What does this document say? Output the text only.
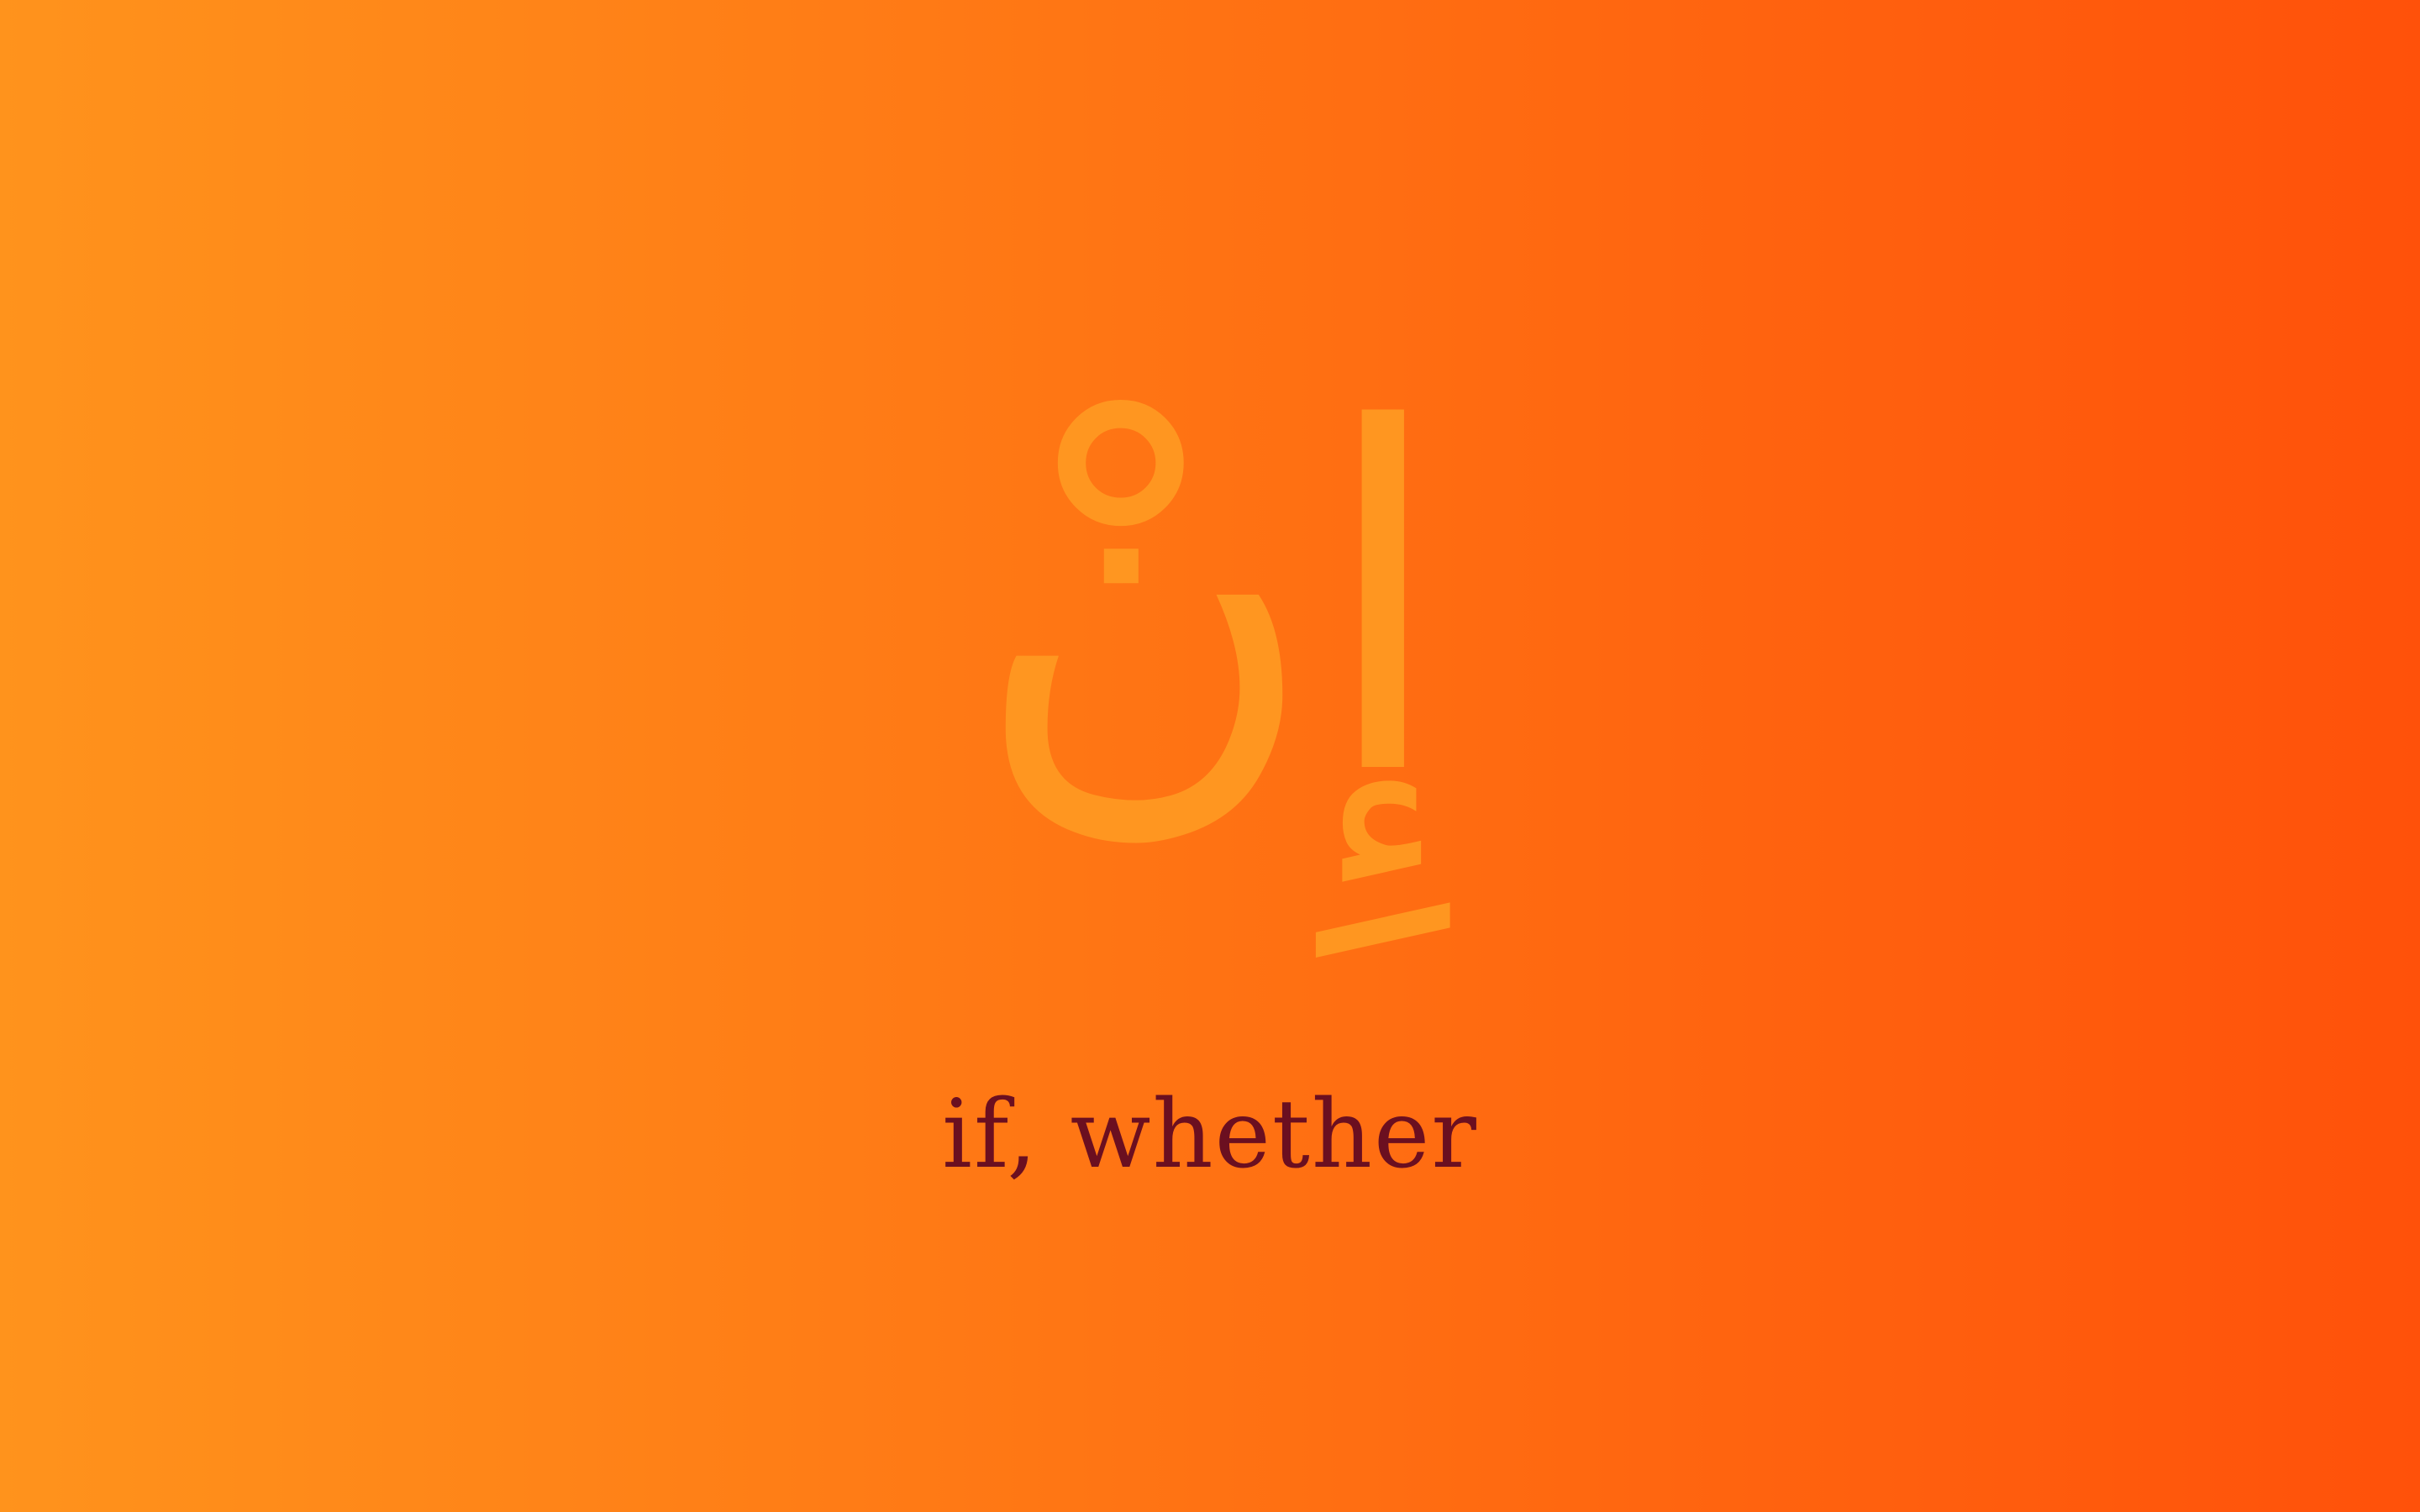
إِنْ
if, whether
